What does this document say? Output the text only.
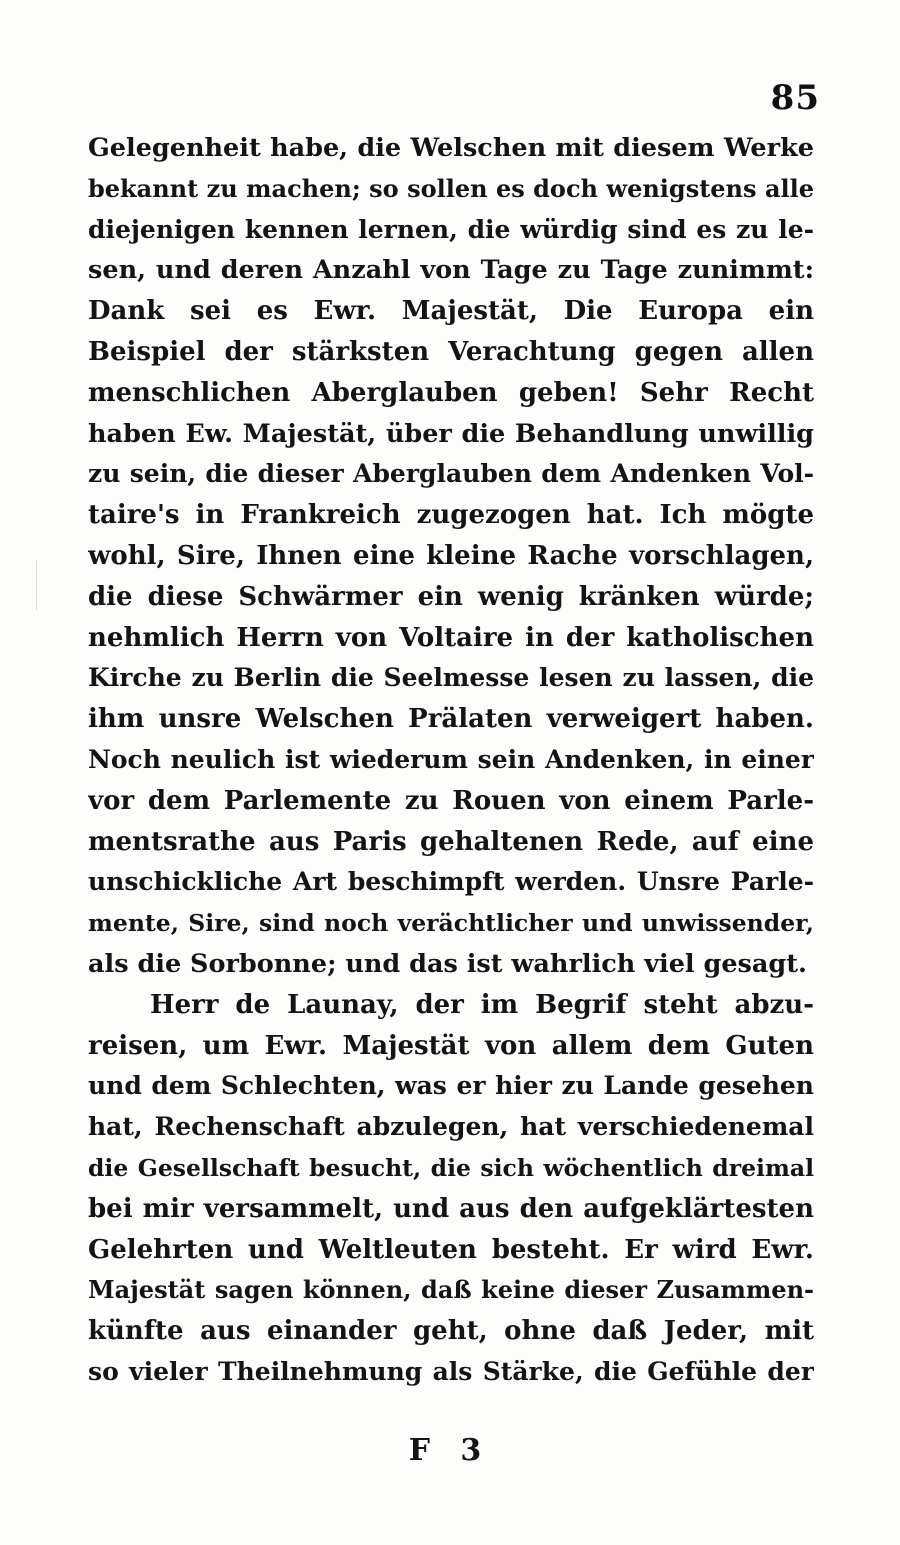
85
Gelegenheit habe, die Welschen mit diesem Werke
bekannt zu machen; so sollen es doch wenigstens alle
diejenigen kennen lernen, die würdig sind es zu le-
sen, und deren Anzahl von Tage zu Tage zunimmt:
Dank sei es Ewr. Majestät, Die Europa ein
Beispiel der stärksten Verachtung gegen allen
menschlichen Aberglauben geben! Sehr Recht
haben Ew. Majestät, über die Behandlung unwillig
zu sein, die dieser Aberglauben dem Andenken Vol-
taire's in Frankreich zugezogen hat. Ich mögte
wohl, Sire, Ihnen eine kleine Rache vorschlagen,
die diese Schwärmer ein wenig kränken würde;
nehmlich Herrn von Voltaire in der katholischen
Kirche zu Berlin die Seelmesse lesen zu lassen, die
ihm unsre Welschen Prälaten verweigert haben.
Noch neulich ist wiederum sein Andenken, in einer
vor dem Parlemente zu Rouen von einem Parle-
mentsrathe aus Paris gehaltenen Rede, auf eine
unschickliche Art beschimpft werden. Unsre Parle-
mente, Sire, sind noch verächtlicher und unwissender,
als die Sorbonne; und das ist wahrlich viel gesagt.
Herr de Launay, der im Begrif steht abzu-
reisen, um Ewr. Majestät von allem dem Guten
und dem Schlechten, was er hier zu Lande gesehen
hat, Rechenschaft abzulegen, hat verschiedenemal
die Gesellschaft besucht, die sich wöchentlich dreimal
bei mir versammelt, und aus den aufgeklärtesten
Gelehrten und Weltleuten besteht. Er wird Ewr.
Majestät sagen können, daß keine dieser Zusammen-
künfte aus einander geht, ohne daß Jeder, mit
so vieler Theilnehmung als Stärke, die Gefühle der
F 3
